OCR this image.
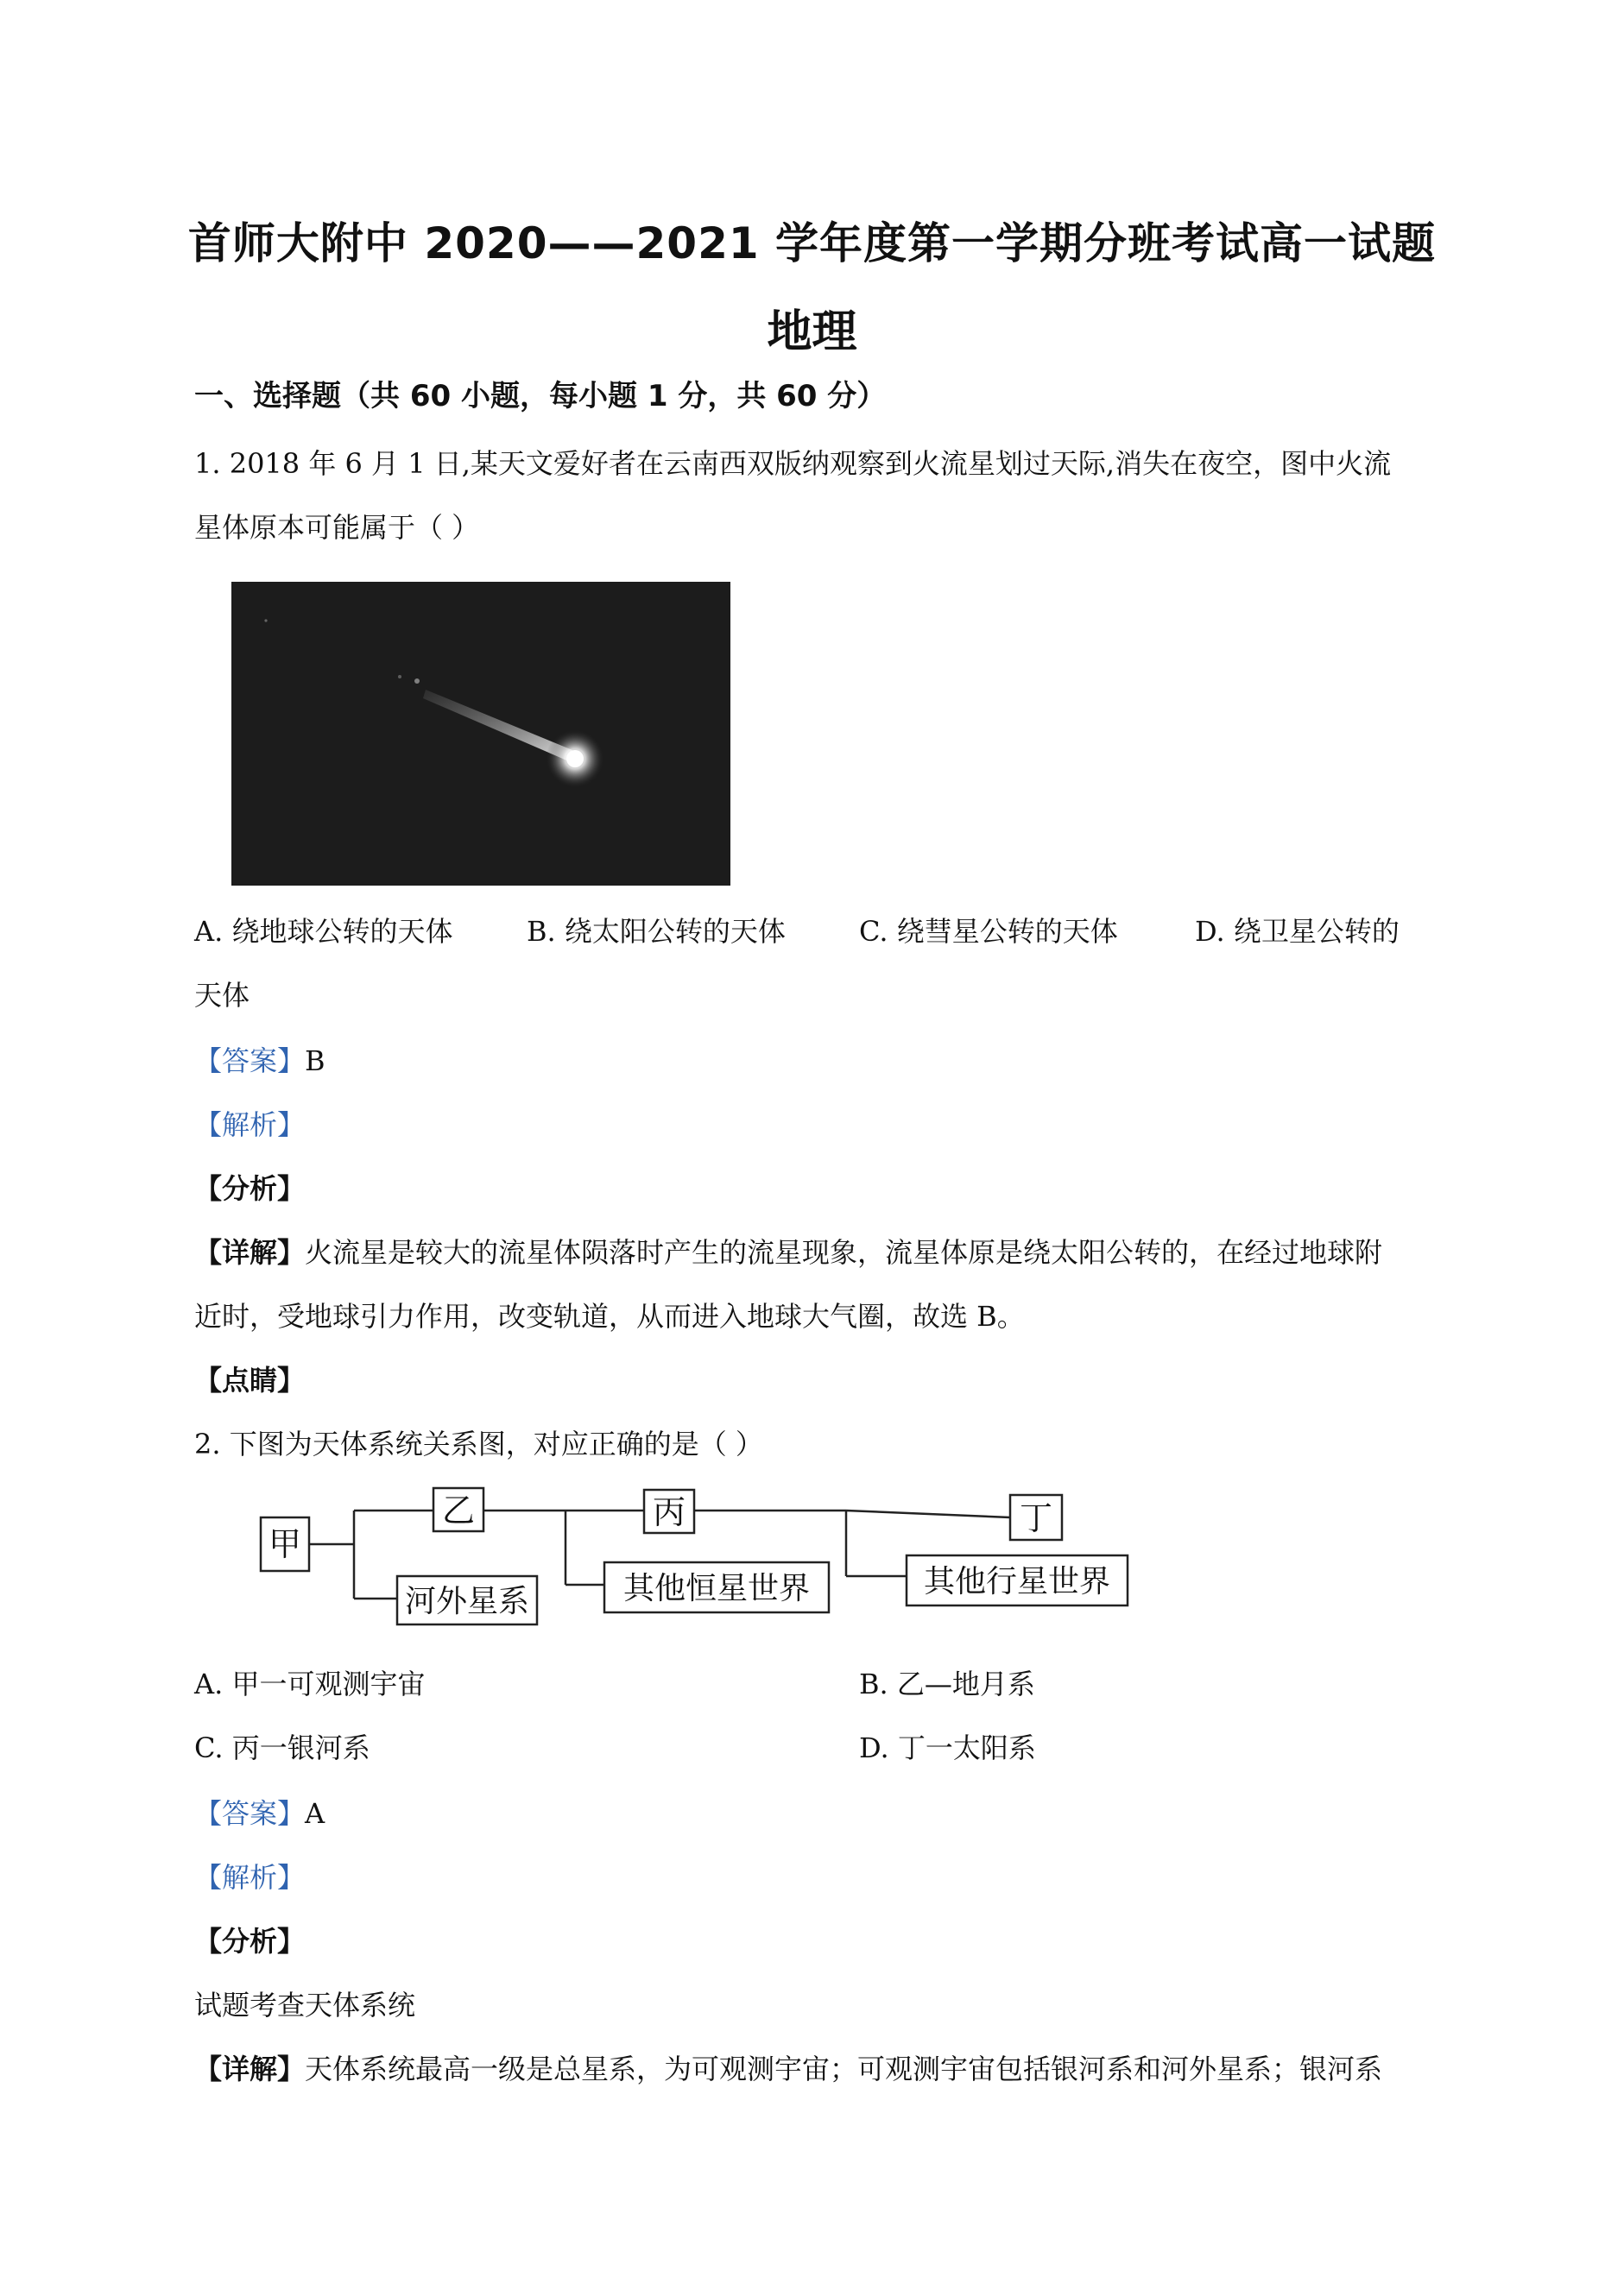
首师大附中 2020——2021 学年度第一学期分班考试高一试题
地理
一、选择题（共 60 小题，每小题 1 分，共 60 分）
1. 2018 年 6 月 1 日,某天文爱好者在云南西双版纳观察到火流星划过天际,消失在夜空，图中火流
星体原本可能属于（ ）
A. 绕地球公转的天体	B. 绕太阳公转的天体	C. 绕彗星公转的天体	D. 绕卫星公转的
天体
【答案】B
【解析】
【分析】
【详解】火流星是较大的流星体陨落时产生的流星现象，流星体原是绕太阳公转的，在经过地球附
近时，受地球引力作用，改变轨道，从而进入地球大气圈，故选 B。
【点睛】
2. 下图为天体系统关系图，对应正确的是（ ）
甲
乙
河外星系
丙
其他恒星世界
丁
其他行星世界
A. 甲一可观测宇宙	B. 乙—地月系
C. 丙一银河系	D. 丁一太阳系
【答案】A
【解析】
【分析】
试题考查天体系统
【详解】天体系统最高一级是总星系，为可观测宇宙；可观测宇宙包括银河系和河外星系；银河系
